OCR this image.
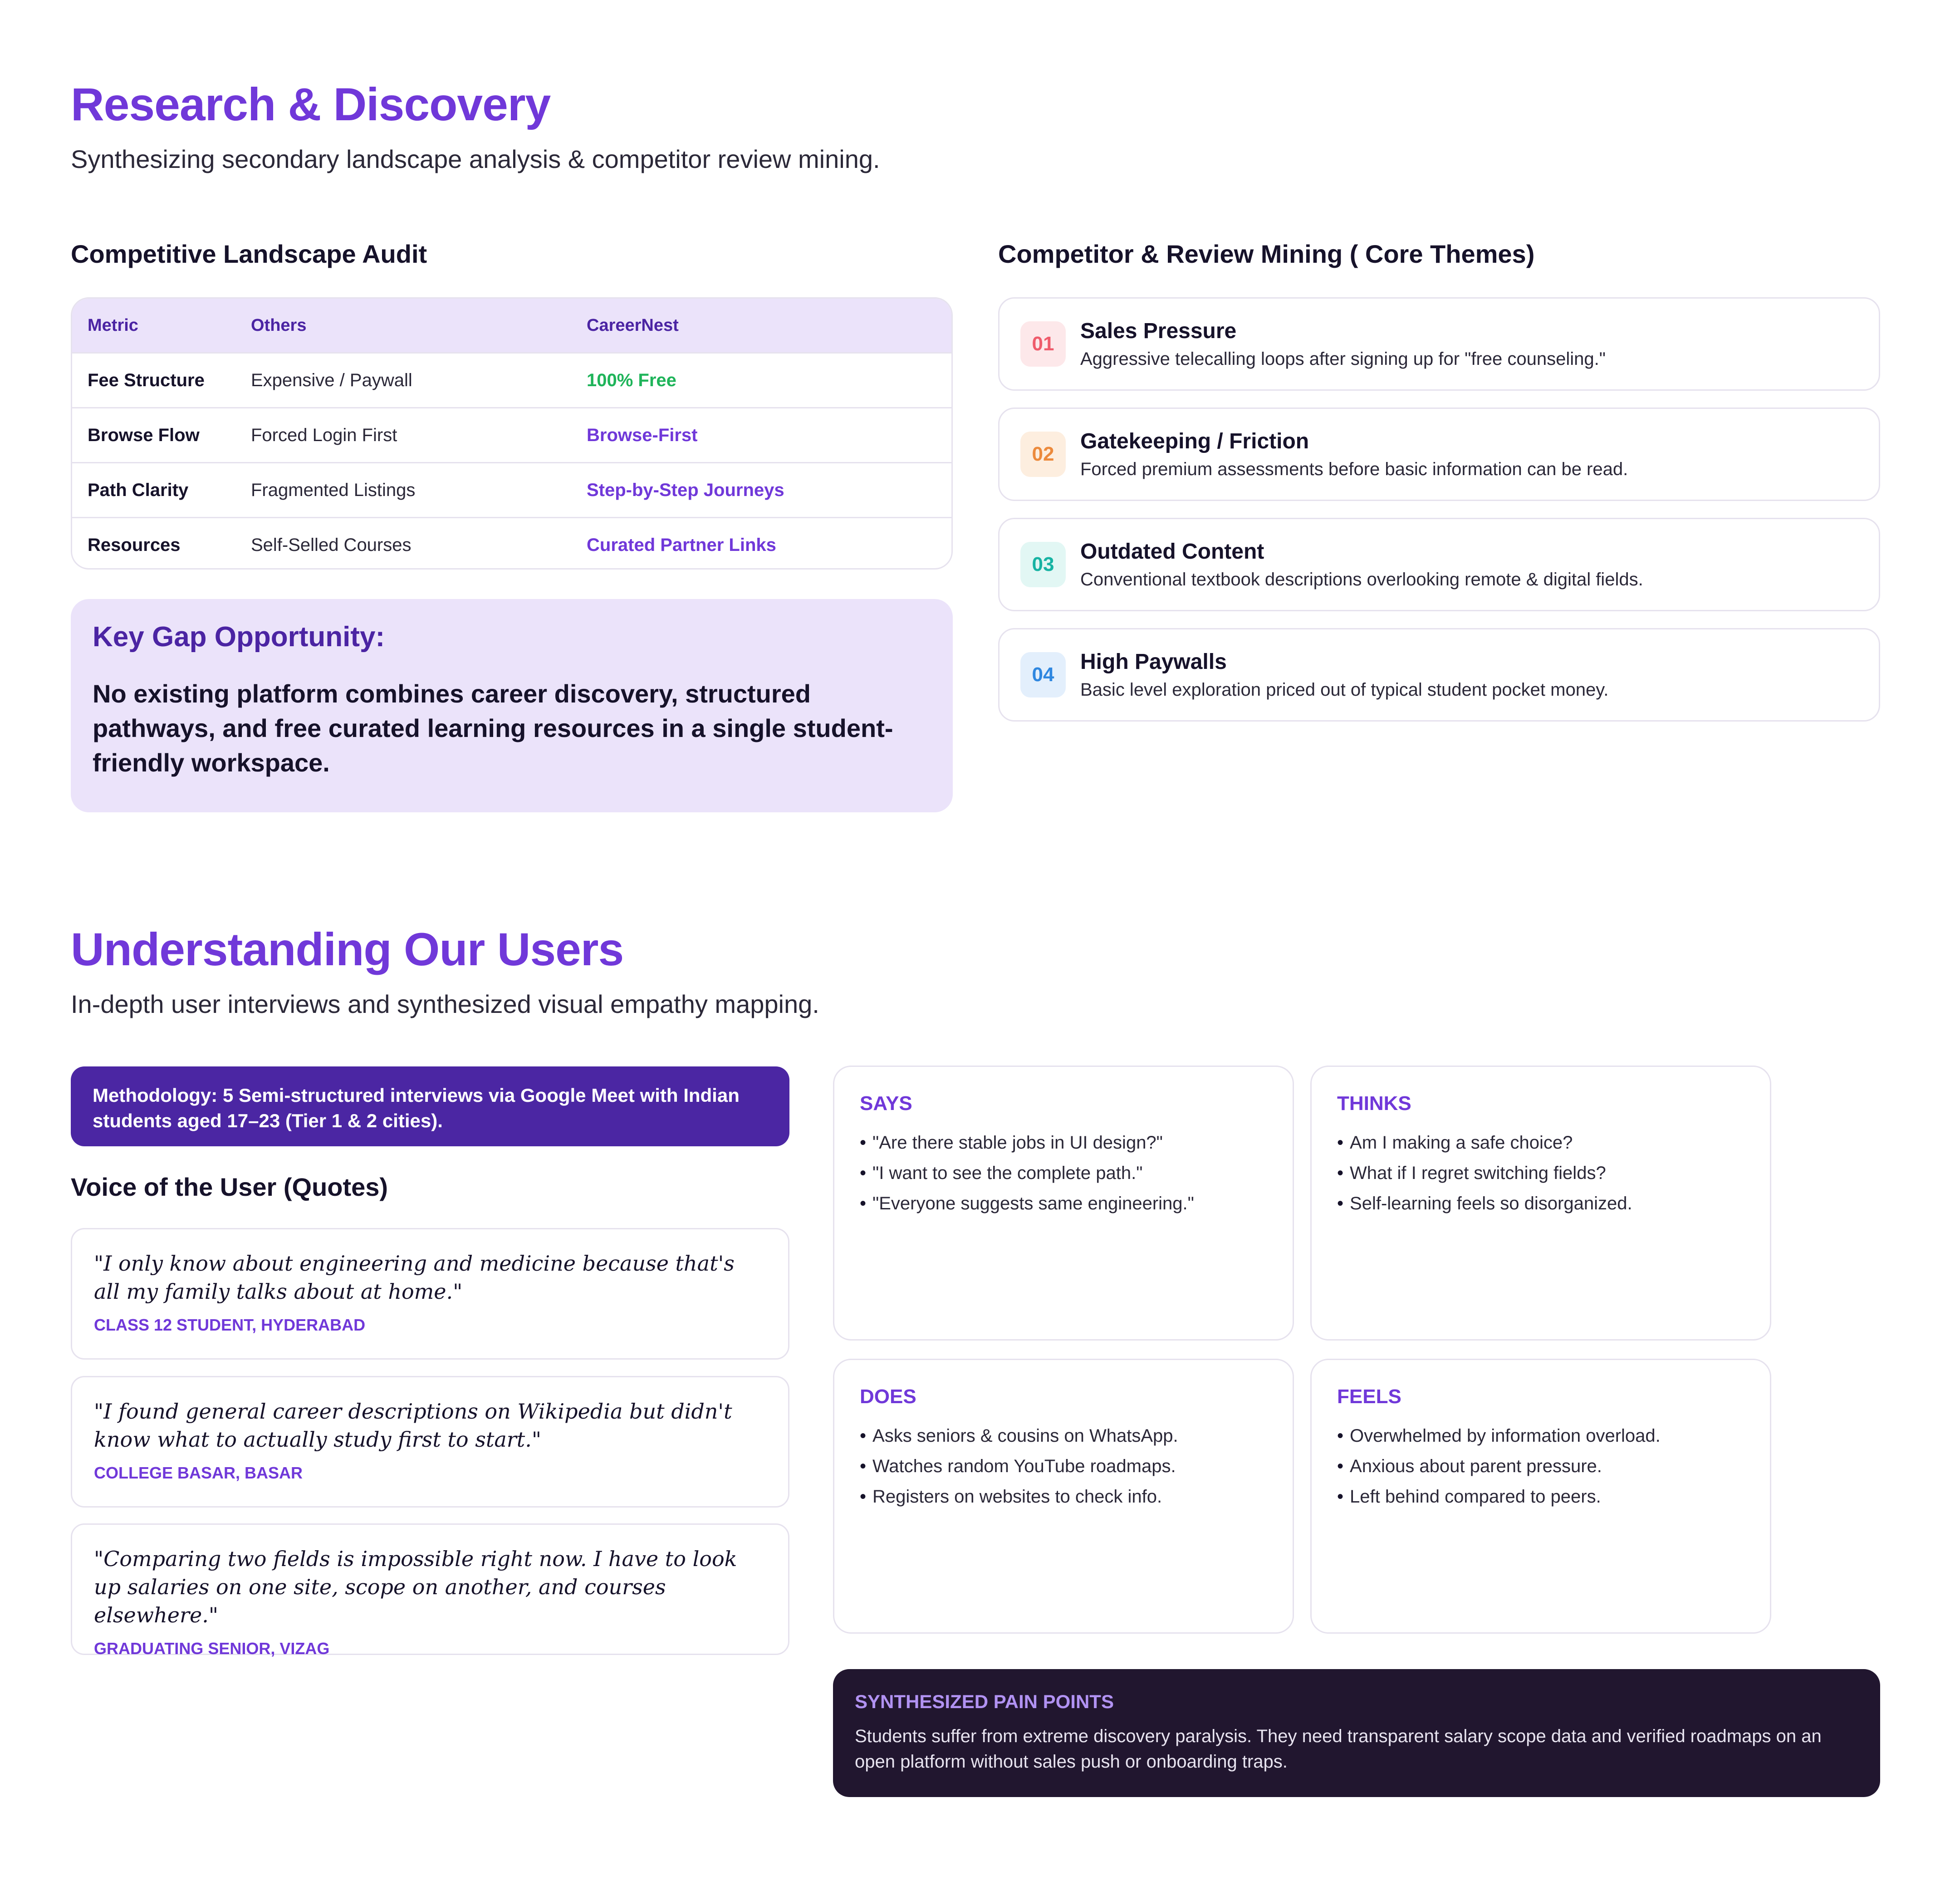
Research & Discovery
Synthesizing secondary landscape analysis & competitor review mining.
Competitive Landscape Audit
Metric	Others	CareerNest
Fee Structure	Expensive / Paywall	100% Free
Browse Flow	Forced Login First	Browse-First
Path Clarity	Fragmented Listings	Step-by-Step Journeys
Resources	Self-Selled Courses	Curated Partner Links
Key Gap Opportunity:
No existing platform combines career discovery, structured pathways, and free curated learning resources in a single student-friendly workspace.
Competitor & Review Mining ( Core Themes)
01
Sales Pressure
Aggressive telecalling loops after signing up for "free counseling."
02
Gatekeeping / Friction
Forced premium assessments before basic information can be read.
03
Outdated Content
Conventional textbook descriptions overlooking remote & digital fields.
04
High Paywalls
Basic level exploration priced out of typical student pocket money.
Understanding Our Users
In-depth user interviews and synthesized visual empathy mapping.
Methodology: 5 Semi-structured interviews via Google Meet with Indian students aged 17–23 (Tier 1 & 2 cities).
Voice of the User (Quotes)
"I only know about engineering and medicine because that's all my family talks about at home."
CLASS 12 STUDENT, HYDERABAD
"I found general career descriptions on Wikipedia but didn't know what to actually study first to start."
COLLEGE BASAR, BASAR
"Comparing two fields is impossible right now. I have to look up salaries on one site, scope on another, and courses elsewhere."
GRADUATING SENIOR, VIZAG
SAYS
• "Are there stable jobs in UI design?"
• "I want to see the complete path."
• "Everyone suggests same engineering."
THINKS
• Am I making a safe choice?
• What if I regret switching fields?
• Self-learning feels so disorganized.
DOES
• Asks seniors & cousins on WhatsApp.
• Watches random YouTube roadmaps.
• Registers on websites to check info.
FEELS
• Overwhelmed by information overload.
• Anxious about parent pressure.
• Left behind compared to peers.
SYNTHESIZED PAIN POINTS
Students suffer from extreme discovery paralysis. They need transparent salary scope data and verified roadmaps on an open platform without sales push or onboarding traps.
